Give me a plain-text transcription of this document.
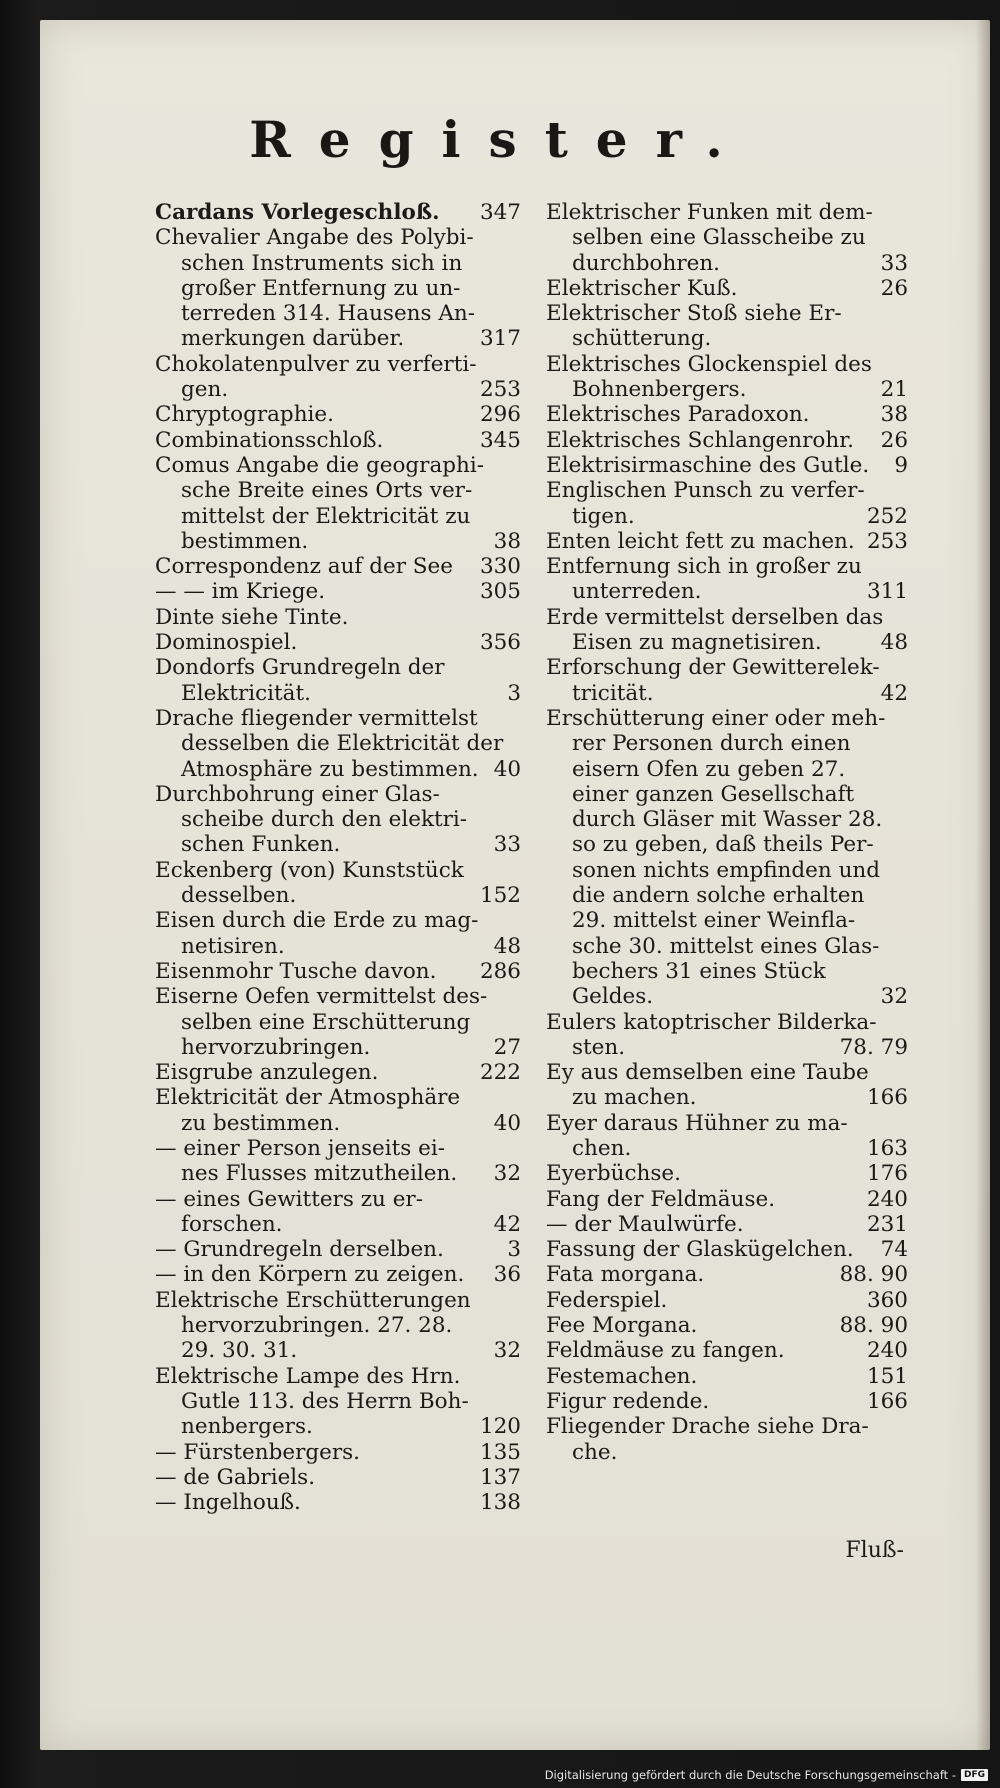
Register.
Cardans Vorlegeschloß.	347
Chevalier Angabe des Polybi-
schen Instruments sich in
großer Entfernung zu un-
terreden 314. Hausens An-
merkungen darüber.	317
Chokolatenpulver zu verferti-
gen.	253
Chryptographie.	296
Combinationsschloß.	345
Comus Angabe die geographi-
sche Breite eines Orts ver-
mittelst der Elektricität zu
bestimmen.	38
Correspondenz auf der See	330
— — im Kriege.	305
Dinte siehe Tinte.
Dominospiel.	356
Dondorfs Grundregeln der
Elektricität.	3
Drache fliegender vermittelst
desselben die Elektricität der
Atmosphäre zu bestimmen. 40
Durchbohrung einer Glas-
scheibe durch den elektri-
schen Funken.	33
Eckenberg (von) Kunststück
desselben.	152
Eisen durch die Erde zu mag-
netisiren.	48
Eisenmohr Tusche davon.	286
Eiserne Oefen vermittelst des-
selben eine Erschütterung
hervorzubringen.	27
Eisgrube anzulegen.	222
Elektricität der Atmosphäre
zu bestimmen.	40
— einer Person jenseits ei-
nes Flusses mitzutheilen.	32
— eines Gewitters zu er-
forschen.	42
— Grundregeln derselben.	3
— in den Körpern zu zeigen.	36
Elektrische Erschütterungen
hervorzubringen. 27. 28.
29. 30. 31.	32
Elektrische Lampe des Hrn.
Gutle 113. des Herrn Boh-
nenbergers.	120
— Fürstenbergers.	135
— de Gabriels.	137
— Ingelhouß.	138
Elektrischer Funken mit dem-
selben eine Glasscheibe zu
durchbohren.	33
Elektrischer Kuß.	26
Elektrischer Stoß siehe Er-
schütterung.
Elektrisches Glockenspiel des
Bohnenbergers.	21
Elektrisches Paradoxon.	38
Elektrisches Schlangenrohr.	26
Elektrisirmaschine des Gutle.	9
Englischen Punsch zu verfer-
tigen.	252
Enten leicht fett zu machen. 253
Entfernung sich in großer zu
unterreden.	311
Erde vermittelst derselben das
Eisen zu magnetisiren.	48
Erforschung der Gewitterelek-
tricität.	42
Erschütterung einer oder meh-
rer Personen durch einen
eisern Ofen zu geben 27.
einer ganzen Gesellschaft
durch Gläser mit Wasser 28.
so zu geben, daß theils Per-
sonen nichts empfinden und
die andern solche erhalten
29. mittelst einer Weinfla-
sche 30. mittelst eines Glas-
bechers 31 eines Stück
Geldes.	32
Eulers katoptrischer Bilderka-
sten.	78. 79
Ey aus demselben eine Taube
zu machen.	166
Eyer daraus Hühner zu ma-
chen.	163
Eyerbüchse.	176
Fang der Feldmäuse.	240
— der Maulwürfe.	231
Fassung der Glaskügelchen.	74
Fata morgana.	88. 90
Federspiel.	360
Fee Morgana.	88. 90
Feldmäuse zu fangen.	240
Festemachen.	151
Figur redende.	166
Fliegender Drache siehe Dra-
che.
Fluß-
Digitalisierung gefördert durch die Deutsche Forschungsgemeinschaft - DFG
